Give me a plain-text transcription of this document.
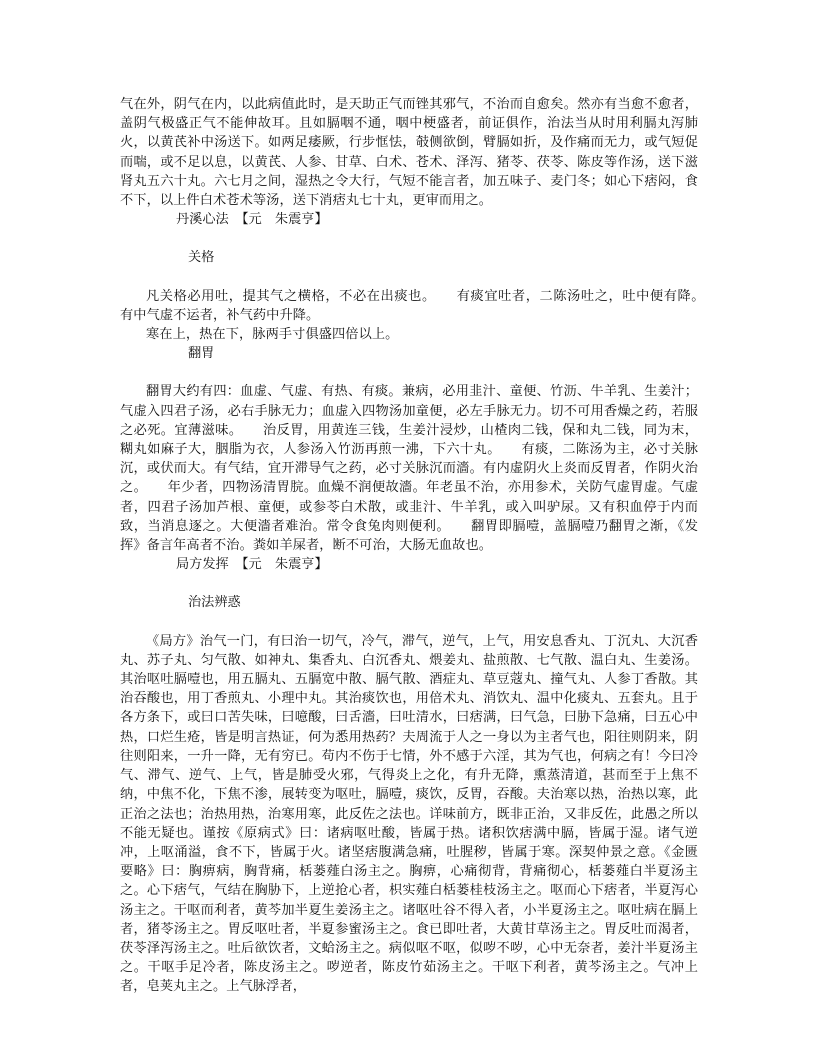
气在外，阴气在内，以此病值此时，是天助正气而锉其邪气，不治而自愈矣。然亦有当愈不愈者，盖阴气极盛正气不能伸故耳。且如膈咽不通，咽中梗盛者，前证俱作，治法当从时用利膈丸泻肺火，以黄芪补中汤送下。如两足痿厥，行步恇怯，攲侧欲倒，臂膈如折，及作痛而无力，或气短促而喘，或不足以息，以黄芪、人参、甘草、白术、苍术、泽泻、猪苓、茯苓、陈皮等作汤，送下滋肾丸五六十丸。六七月之间，湿热之令大行，气短不能言者，加五味子、麦门冬；如心下痞闷，食不下，以上件白术苍术等汤，送下消痞丸七十丸，更审而用之。

丹溪心法　【元　朱震亨】

关格

凡关格必用吐，提其气之横格，不必在出痰也。　　有痰宜吐者，二陈汤吐之，吐中便有降。　　有中气虚不运者，补气药中升降。

寒在上，热在下，脉两手寸俱盛四倍以上。

翻胃

翻胃大约有四：血虚、气虚、有热、有痰。兼病，必用韭汁、童便、竹沥、牛羊乳、生姜汁；气虚入四君子汤，必右手脉无力；血虚入四物汤加童便，必左手脉无力。切不可用香燥之药，若服之必死。宜薄滋味。　　治反胃，用黄连三钱，生姜汁浸炒，山楂肉二钱，保和丸二钱，同为末，糊丸如麻子大，胭脂为衣，人参汤入竹沥再煎一沸，下六十丸。　　有痰，二陈汤为主，必寸关脉沉，或伏而大。有气结，宜开滞导气之药，必寸关脉沉而濇。有内虚阴火上炎而反胃者，作阴火治之。　　年少者，四物汤清胃脘。血燥不润便故濇。年老虽不治，亦用参术，关防气虚胃虚。气虚者，四君子汤加芦根、童便，或参苓白术散，或韭汁、牛羊乳，或入叫驴尿。又有积血停于内而致，当消息逐之。大便濇者难治。常令食兔肉则便利。　　翻胃即膈噎，盖膈噎乃翻胃之渐，《发挥》备言年高者不治。粪如羊屎者，断不可治，大肠无血故也。

局方发挥　【元　朱震亨】

治法辨惑

《局方》治气一门，有曰治一切气，冷气，滞气，逆气，上气，用安息香丸、丁沉丸、大沉香丸、苏子丸、匀气散、如神丸、集香丸、白沉香丸、煨姜丸、盐煎散、七气散、温白丸、生姜汤。其治呕吐膈噎也，用五膈丸、五膈宽中散、膈气散、酒症丸、草豆蔻丸、撞气丸、人参丁香散。其治吞酸也，用丁香煎丸、小理中丸。其治痰饮也，用倍术丸、消饮丸、温中化痰丸、五套丸。且于各方条下，或曰口苦失味，曰噫酸，曰舌濇，曰吐清水，曰痞满，曰气急，曰胁下急痛，曰五心中热，口烂生疮，皆是明言热证，何为悉用热药？夫周流于人之一身以为主者气也，阳往则阴来，阴往则阳来，一升一降，无有穷已。苟内不伤于七情，外不感于六淫，其为气也，何病之有！今曰冷气、滞气、逆气、上气，皆是肺受火邪，气得炎上之化，有升无降，熏蒸清道，甚而至于上焦不纳，中焦不化，下焦不渗，展转变为呕吐，膈噎，痰饮，反胃，吞酸。夫治寒以热，治热以寒，此正治之法也；治热用热，治寒用寒，此反佐之法也。详味前方，既非正治，又非反佐，此愚之所以不能无疑也。谨按《原病式》曰：诸病呕吐酸，皆属于热。诸积饮痞满中膈，皆属于湿。诸气逆冲，上呕涌溢，食不下，皆属于火。诸坚痞腹满急痛，吐腥秽，皆属于寒。深契仲景之意。《金匮要略》曰：胸痹病，胸背痛，栝蒌薤白汤主之。胸痹，心痛彻背，背痛彻心，栝蒌薤白半夏汤主之。心下痞气，气结在胸胁下，上逆抢心者，枳实薤白栝蒌桂枝汤主之。呕而心下痞者，半夏泻心汤主之。干呕而利者，黄芩加半夏生姜汤主之。诸呕吐谷不得入者，小半夏汤主之。呕吐病在膈上者，猪苓汤主之。胃反呕吐者，半夏参蜜汤主之。食已即吐者，大黄甘草汤主之。胃反吐而渴者，茯苓泽泻汤主之。吐后欲饮者，文蛤汤主之。病似呕不呕，似哕不哕，心中无奈者，姜汁半夏汤主之。干呕手足冷者，陈皮汤主之。哕逆者，陈皮竹茹汤主之。干呕下利者，黄芩汤主之。气冲上者，皂荚丸主之。上气脉浮者，
